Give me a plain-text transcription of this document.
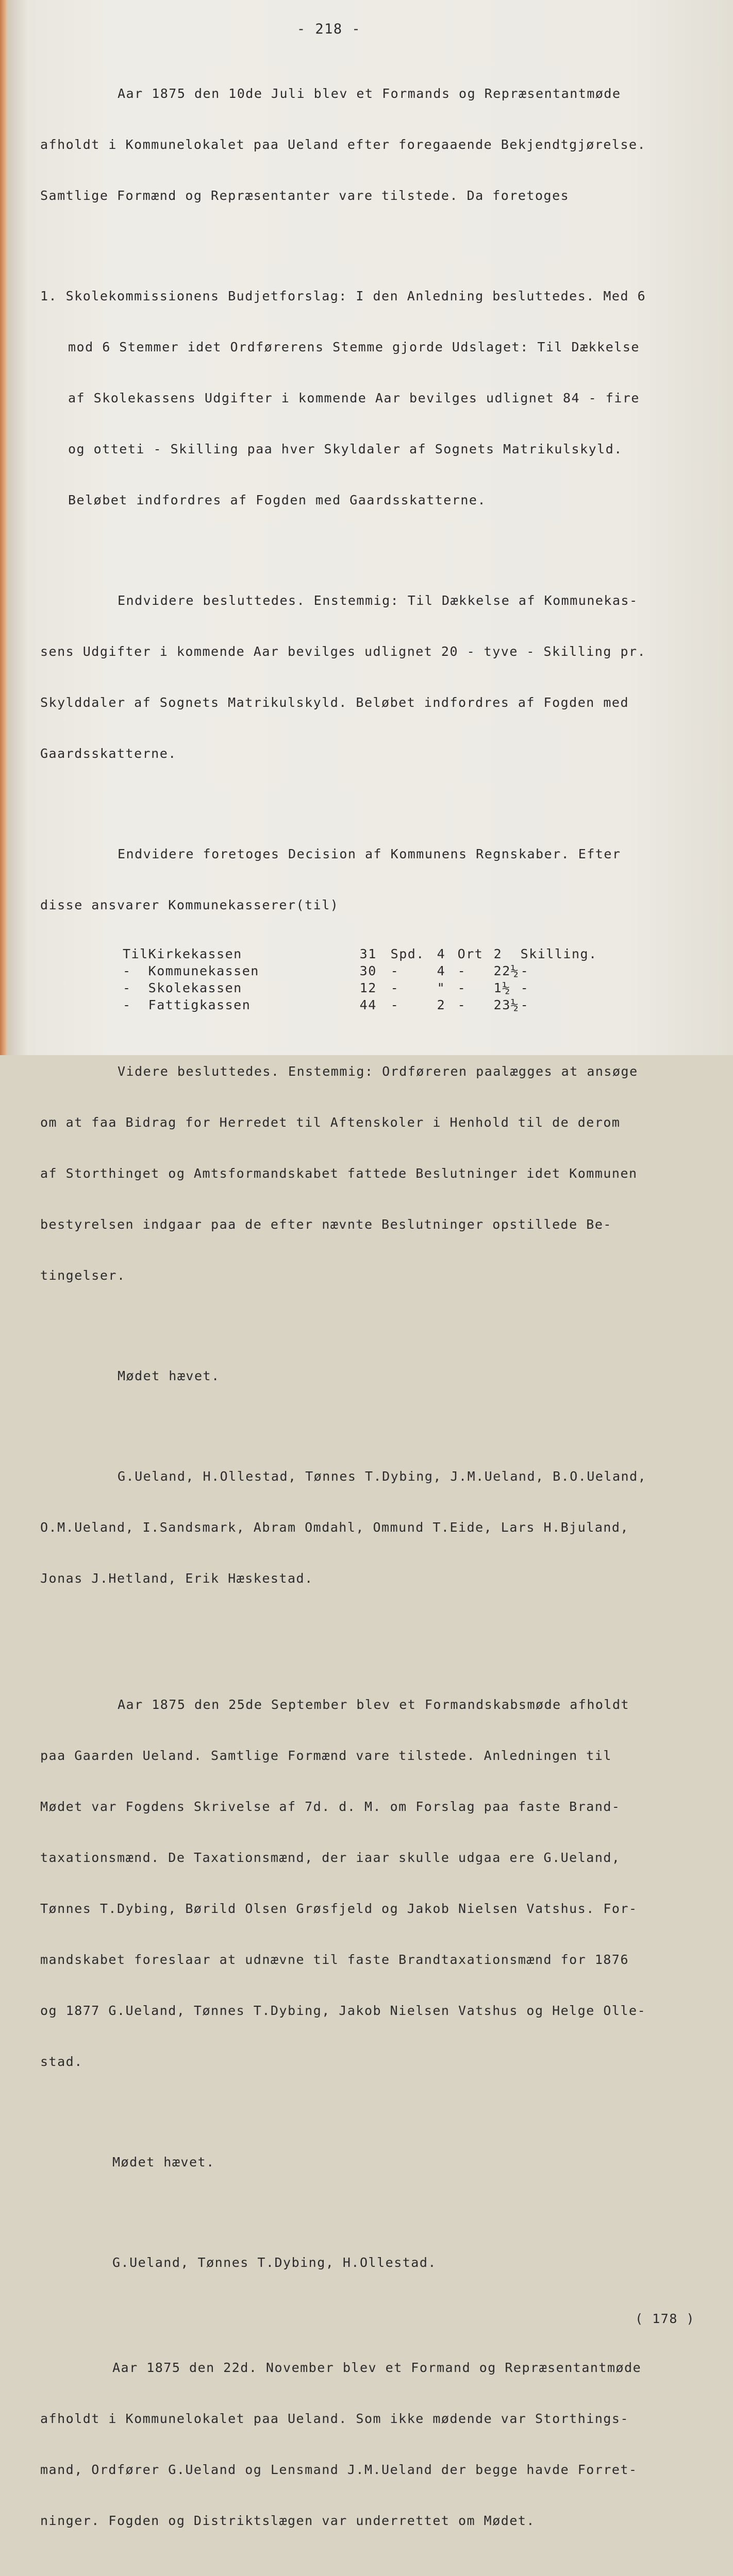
- 218 -

Aar 1875 den 10de Juli blev et Formands og Repræsentantmøde

afholdt i Kommunelokalet paa Ueland efter foregaaende Bekjendtgjørelse.

Samtlige Formænd og Repræsentanter vare tilstede. Da foretoges

1. Skolekommissionens Budjetforslag: I den Anledning besluttedes. Med 6

mod 6 Stemmer idet Ordførerens Stemme gjorde Udslaget: Til Dækkelse

af Skolekassens Udgifter i kommende Aar bevilges udlignet 84 - fire

og otteti - Skilling paa hver Skyldaler af Sognets Matrikulskyld.

Beløbet indfordres af Fogden med Gaardsskatterne.

Endvidere besluttedes. Enstemmig: Til Dækkelse af Kommunekas-

sens Udgifter i kommende Aar bevilges udlignet 20 - tyve - Skilling pr.

Skylddaler af Sognets Matrikulskyld. Beløbet indfordres af Fogden med

Gaardsskatterne.

Endvidere foretoges Decision af Kommunens Regnskaber. Efter

disse ansvarer Kommunekasserer(til)

Til	Kirkekassen	31	Spd.	4	Ort	2	Skilling.
-	Kommunekassen	30	-	4	-	22½	-
-	Skolekassen	12	-	"	-	1½	-
-	Fattigkassen	44	-	2	-	23½	-

Videre besluttedes. Enstemmig: Ordføreren paalægges at ansøge

om at faa Bidrag for Herredet til Aftenskoler i Henhold til de derom

af Storthinget og Amtsformandskabet fattede Beslutninger idet Kommunen

bestyrelsen indgaar paa de efter nævnte Beslutninger opstillede Be-

tingelser.

Mødet hævet.

G.Ueland, H.Ollestad, Tønnes T.Dybing, J.M.Ueland, B.O.Ueland,

O.M.Ueland, I.Sandsmark, Abram Omdahl, Ommund T.Eide, Lars H.Bjuland,

Jonas J.Hetland, Erik Hæskestad.

Aar 1875 den 25de September blev et Formandskabsmøde afholdt

paa Gaarden Ueland. Samtlige Formænd vare tilstede. Anledningen til

Mødet var Fogdens Skrivelse af 7d. d. M. om Forslag paa faste Brand-

taxationsmænd. De Taxationsmænd, der iaar skulle udgaa ere G.Ueland,

Tønnes T.Dybing, Børild Olsen Grøsfjeld og Jakob Nielsen Vatshus. For-

mandskabet foreslaar at udnævne til faste Brandtaxationsmænd for 1876

og 1877 G.Ueland, Tønnes T.Dybing, Jakob Nielsen Vatshus og Helge Olle-

stad.

Mødet hævet.

G.Ueland, Tønnes T.Dybing, H.Ollestad.

( 178 )

Aar 1875 den 22d. November blev et Formand og Repræsentantmøde

afholdt i Kommunelokalet paa Ueland. Som ikke mødende var Storthings-

mand, Ordfører G.Ueland og Lensmand J.M.Ueland der begge havde Forret-

ninger. Fogden og Distriktslægen var underrettet om Mødet.
